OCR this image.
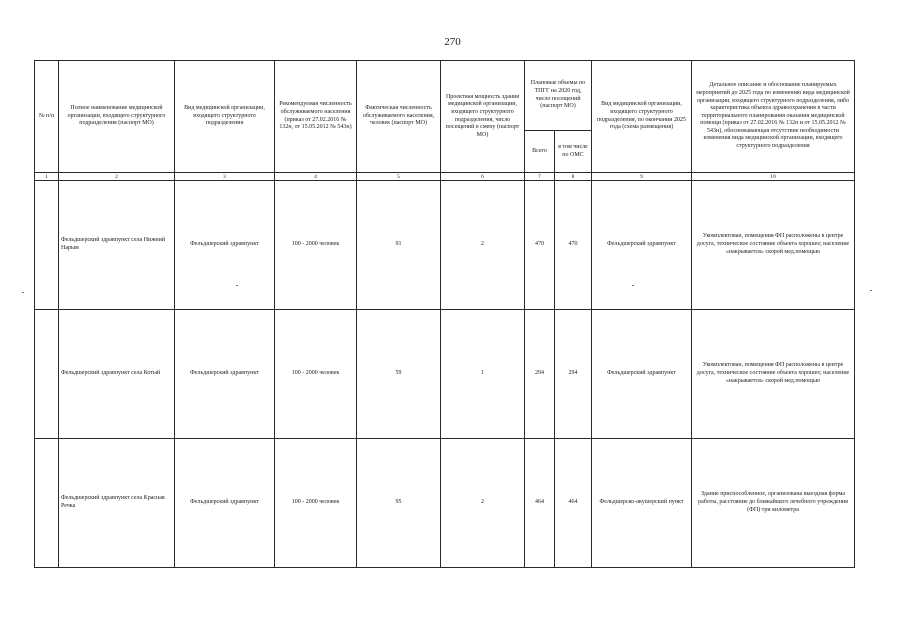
270
№ п/п	Полное наименование медицинской организации, входящего структурного подразделения (паспорт МО)	Вид медицинской организации, входящего структурного подразделения	Рекомендуемая численность обслуживаемого населения (приказ от 27.02.2016 № 132н, от 15.05.2012 № 543н)	Фактическая численность обслуживаемого населения, человек (паспорт МО)	Проектная мощность здания медицинской организации, входящего структурного подразделения, число посещений в смену (паспорт МО)	Плановые объемы по ТПГГ на 2020 год, число посещений (паспорт МО)		Вид медицинской организации, входящего структурного подразделения, по окончании 2025 года (схема размещения)	Детальное описание и обоснование планируемых мероприятий до 2025 года по изменению вида медицинской организации, входящего структурного подразделения, либо характеристика объекта здравоохранения в части территориального планирования оказания медицинской помощи (приказ от 27.02.2016 № 132н и от 15.05.2012 № 543н), обосновывающая отсутствие необходимости изменения вида медицинской организации, входящего структурного подразделения
						Всего	в том числе по ОМС		
1	2	3	4	5	6	7	8	9	10
	Фельдшерский здравпункт села Нижний Нарым	Фельдшерский здравпункт	100 - 2000 человек	91	2	470	470	Фельдшерский здравпункт	Укомплектован, помещения ФП расположены в центре досуга, техническое состояние объекта хорошее; население «накрывается» скорой мед.помощью
	Фельдшерский здравпункт села Котый	Фельдшерский здравпункт	100 - 2000 человек	59	1	294	294	Фельдшерский здравпункт	Укомплектован, помещения ФП расположены в центре досуга, техническое состояние объекта хорошее; население «накрывается» скорой мед.помощью
	Фельдшерский здравпункт села Красная Речка	Фельдшерский здравпункт	100 - 2000 человек	95	2	464	464	Фельдшерско-акушерский пункт	Здание приспособленное, организована выездная форма работы, расстояние до ближайшего лечебного учреждения (ФП) три километра
